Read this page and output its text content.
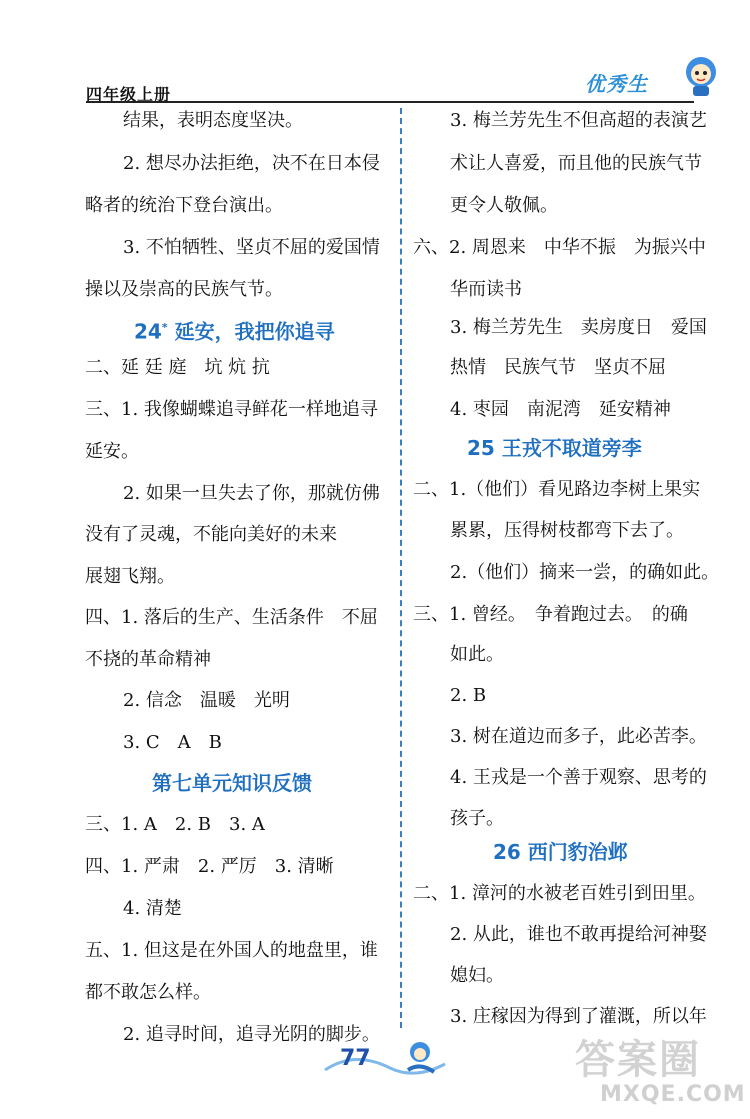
四年级上册	优秀生
结果，表明态度坚决。
2. 想尽办法拒绝，决不在日本侵
略者的统治下登台演出。
3. 不怕牺牲、坚贞不屈的爱国情
操以及崇高的民族气节。
24* 延安，我把你追寻
二、延 廷 庭　坑 炕 抗
三、1. 我像蝴蝶追寻鲜花一样地追寻
延安。
2. 如果一旦失去了你，那就仿佛
没有了灵魂，不能向美好的未来
展翅飞翔。
四、1. 落后的生产、生活条件　不屈
不挠的革命精神
2. 信念　温暖　光明
3. C　A　B
第七单元知识反馈
三、1. A　2. B　3. A
四、1. 严肃　2. 严厉　3. 清晰
4. 清楚
五、1. 但这是在外国人的地盘里，谁
都不敢怎么样。
2. 追寻时间，追寻光阴的脚步。
3. 梅兰芳先生不但高超的表演艺
术让人喜爱，而且他的民族气节
更令人敬佩。
六、2. 周恩来　中华不振　为振兴中
华而读书
3. 梅兰芳先生　卖房度日　爱国
热情　民族气节　坚贞不屈
4. 枣园　南泥湾　延安精神
25 王戎不取道旁李
二、1.（他们）看见路边李树上果实
累累，压得树枝都弯下去了。
2.（他们）摘来一尝，的确如此。
三、1. 曾经。　争着跑过去。　的确
如此。
2. B
3. 树在道边而多子，此必苦李。
4. 王戎是一个善于观察、思考的
孩子。
26 西门豹治邺
二、1. 漳河的水被老百姓引到田里。
2. 从此，谁也不敢再提给河神娶
媳妇。
3. 庄稼因为得到了灌溉，所以年
77	答案圈
MXQE.COM
